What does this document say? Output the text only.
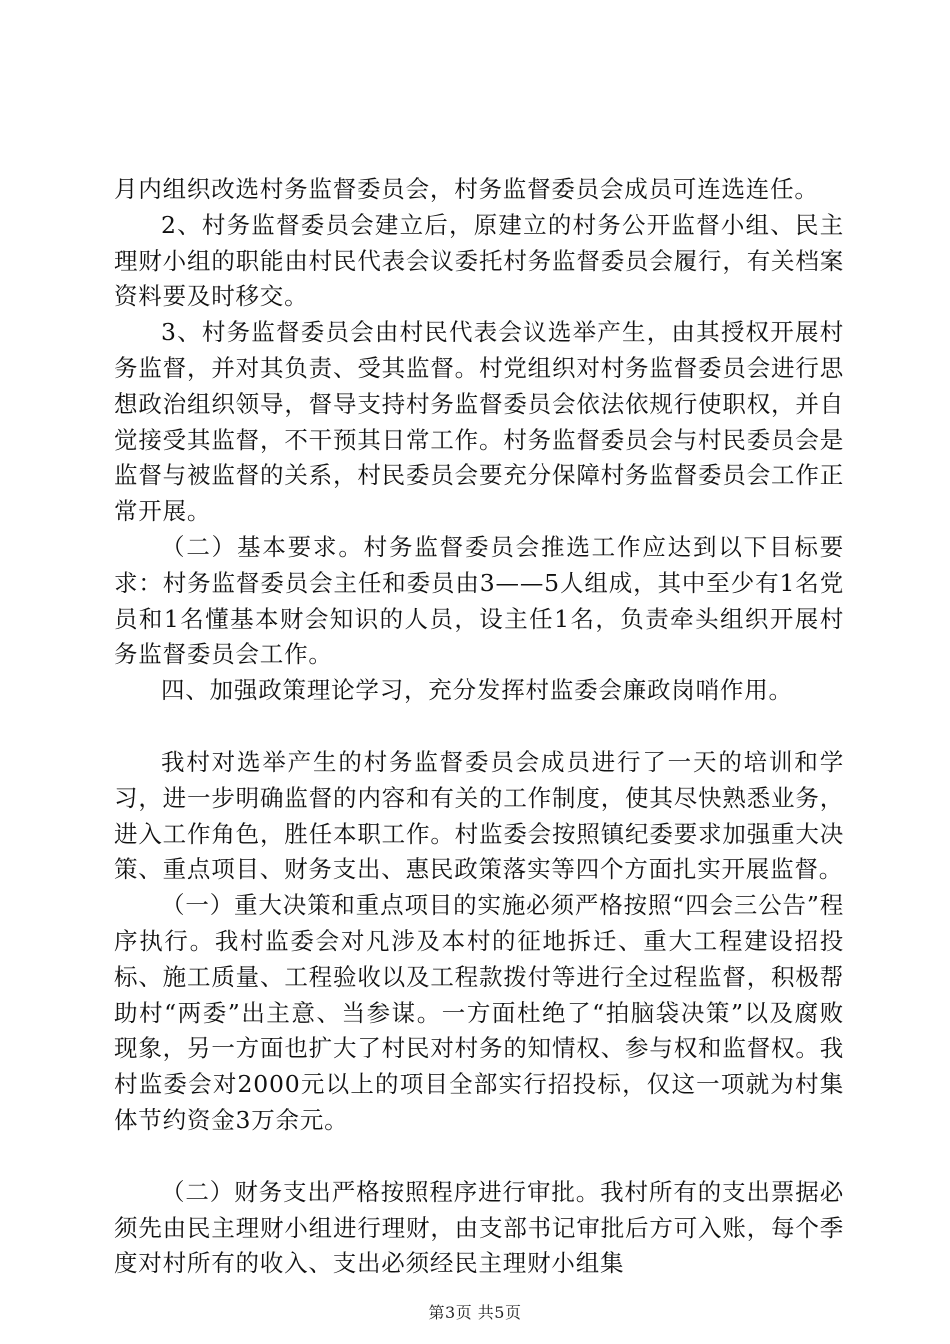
月内组织改选村务监督委员会，村务监督委员会成员可连选连任。

2、村务监督委员会建立后，原建立的村务公开监督小组、民主理财小组的职能由村民代表会议委托村务监督委员会履行，有关档案资料要及时移交。

3、村务监督委员会由村民代表会议选举产生，由其授权开展村务监督，并对其负责、受其监督。村党组织对村务监督委员会进行思想政治组织领导，督导支持村务监督委员会依法依规行使职权，并自觉接受其监督，不干预其日常工作。村务监督委员会与村民委员会是监督与被监督的关系，村民委员会要充分保障村务监督委员会工作正常开展。

（二）基本要求。村务监督委员会推选工作应达到以下目标要求：村务监督委员会主任和委员由3——5人组成，其中至少有1名党员和1名懂基本财会知识的人员，设主任1名，负责牵头组织开展村务监督委员会工作。

四、加强政策理论学习，充分发挥村监委会廉政岗哨作用。

我村对选举产生的村务监督委员会成员进行了一天的培训和学习，进一步明确监督的内容和有关的工作制度，使其尽快熟悉业务，进入工作角色，胜任本职工作。村监委会按照镇纪委要求加强重大决策、重点项目、财务支出、惠民政策落实等四个方面扎实开展监督。

（一）重大决策和重点项目的实施必须严格按照“四会三公告”程序执行。我村监委会对凡涉及本村的征地拆迁、重大工程建设招投标、施工质量、工程验收以及工程款拨付等进行全过程监督，积极帮助村“两委”出主意、当参谋。一方面杜绝了“拍脑袋决策”以及腐败现象，另一方面也扩大了村民对村务的知情权、参与权和监督权。我村监委会对2000元以上的项目全部实行招投标，仅这一项就为村集体节约资金3万余元。

（二）财务支出严格按照程序进行审批。我村所有的支出票据必须先由民主理财小组进行理财，由支部书记审批后方可入账，每个季度对村所有的收入、支出必须经民主理财小组集

第3页 共5页
